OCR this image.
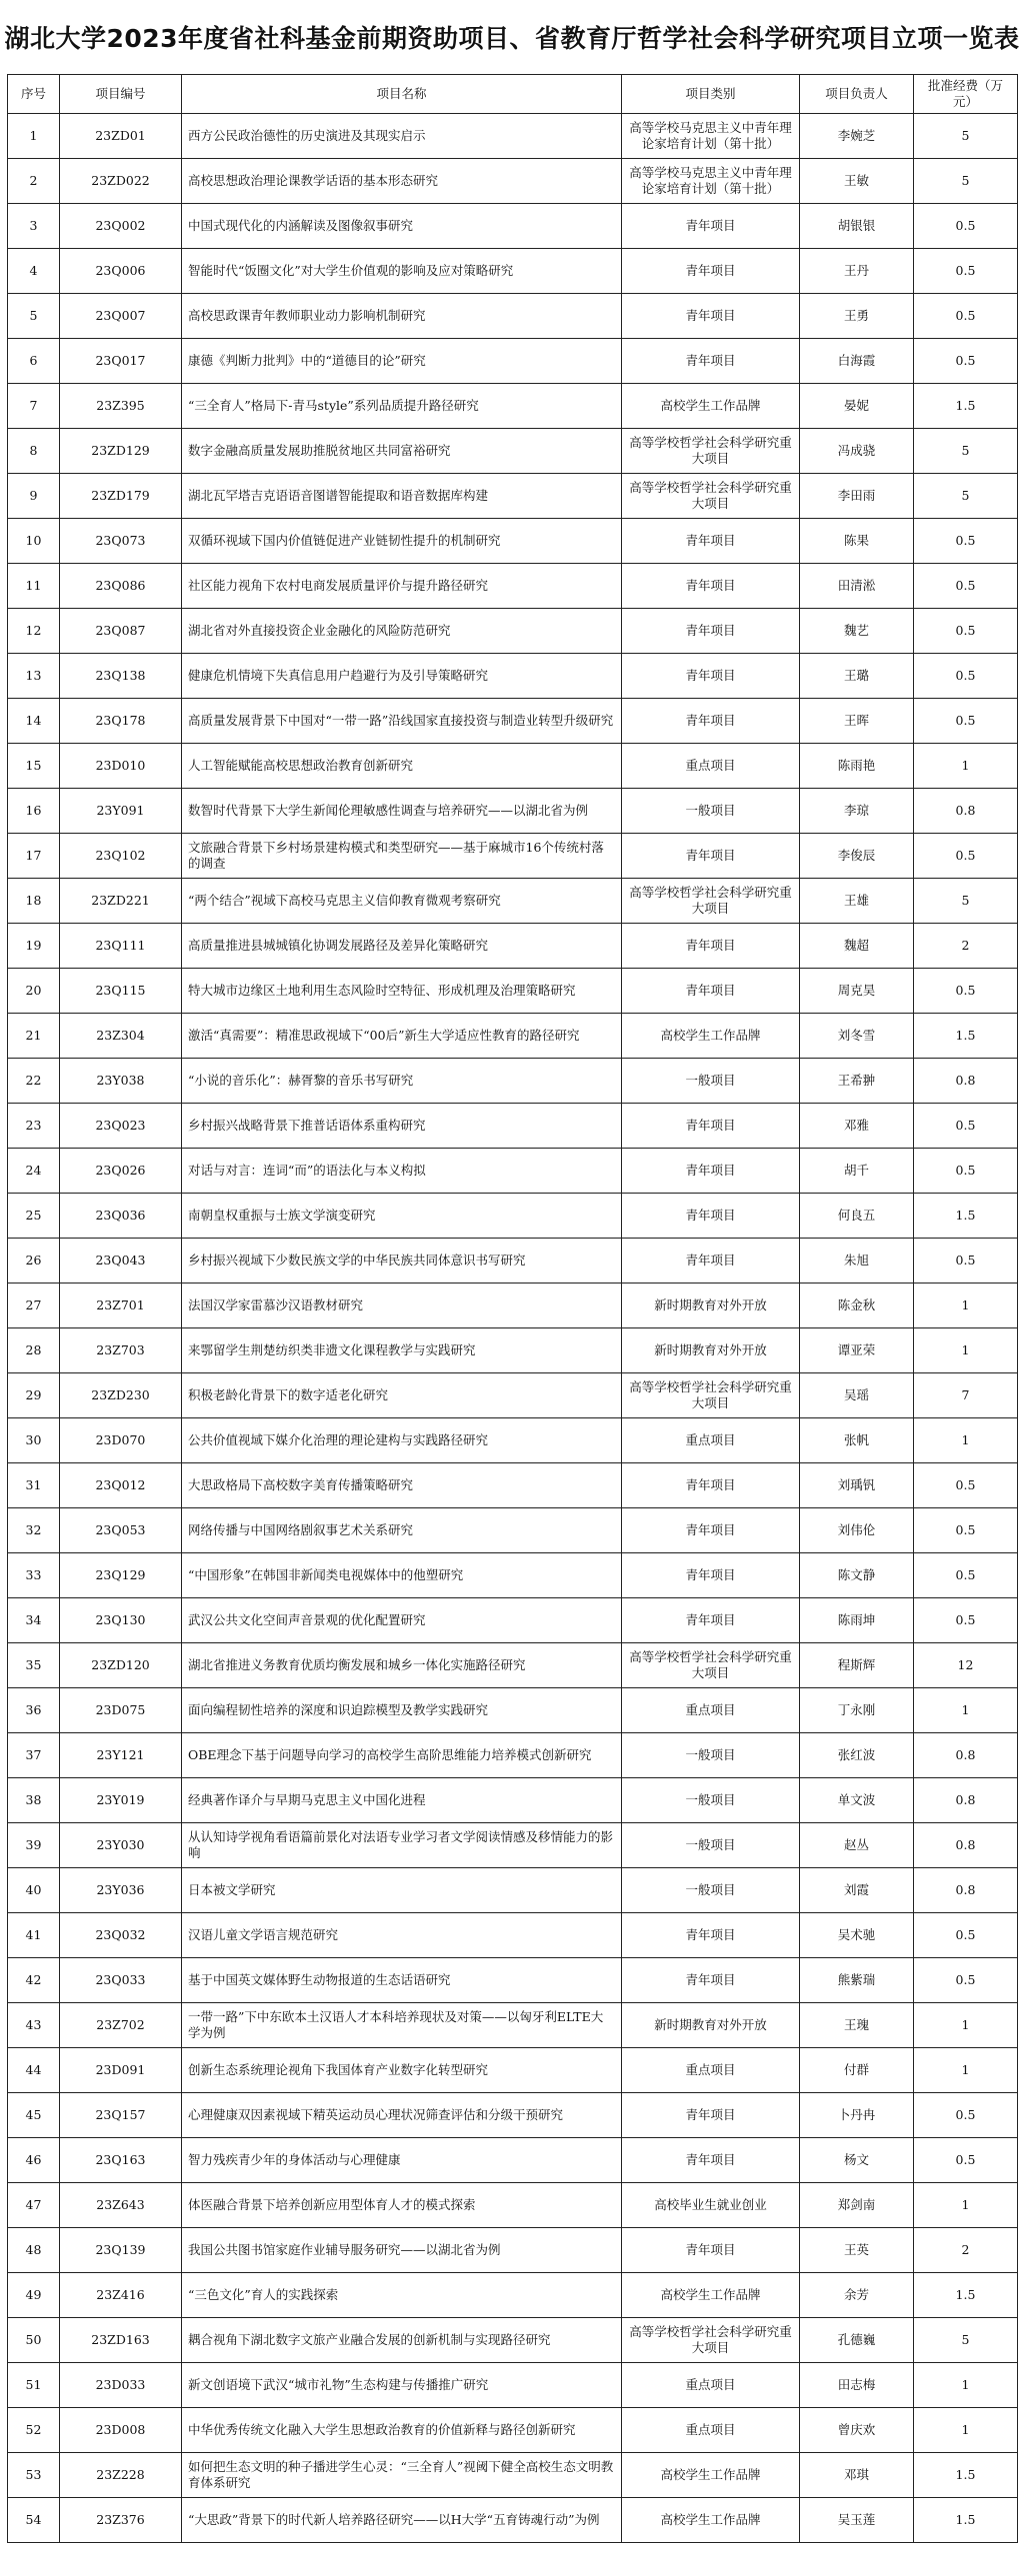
湖北大学2023年度省社科基金前期资助项目、省教育厅哲学社会科学研究项目立项一览表
序号	项目编号	项目名称	项目类别	项目负责人	批准经费（万元）
1	23ZD01	西方公民政治德性的历史演进及其现实启示	高等学校马克思主义中青年理论家培育计划（第十批）	李婉芝	5
2	23ZD022	高校思想政治理论课教学话语的基本形态研究	高等学校马克思主义中青年理论家培育计划（第十批）	王敏	5
3	23Q002	中国式现代化的内涵解读及图像叙事研究	青年项目	胡银银	0.5
4	23Q006	智能时代“饭圈文化”对大学生价值观的影响及应对策略研究	青年项目	王丹	0.5
5	23Q007	高校思政课青年教师职业动力影响机制研究	青年项目	王勇	0.5
6	23Q017	康德《判断力批判》中的“道德目的论”研究	青年项目	白海霞	0.5
7	23Z395	“三全育人”格局下-青马style”系列品质提升路径研究	高校学生工作品牌	晏妮	1.5
8	23ZD129	数字金融高质量发展助推脱贫地区共同富裕研究	高等学校哲学社会科学研究重大项目	冯成骁	5
9	23ZD179	湖北瓦罕塔吉克语语音图谱智能提取和语音数据库构建	高等学校哲学社会科学研究重大项目	李田雨	5
10	23Q073	双循环视域下国内价值链促进产业链韧性提升的机制研究	青年项目	陈果	0.5
11	23Q086	社区能力视角下农村电商发展质量评价与提升路径研究	青年项目	田清淞	0.5
12	23Q087	湖北省对外直接投资企业金融化的风险防范研究	青年项目	魏艺	0.5
13	23Q138	健康危机情境下失真信息用户趋避行为及引导策略研究	青年项目	王璐	0.5
14	23Q178	高质量发展背景下中国对“一带一路”沿线国家直接投资与制造业转型升级研究	青年项目	王晖	0.5
15	23D010	人工智能赋能高校思想政治教育创新研究	重点项目	陈雨艳	1
16	23Y091	数智时代背景下大学生新闻伦理敏感性调查与培养研究——以湖北省为例	一般项目	李琼	0.8
17	23Q102	文旅融合背景下乡村场景建构模式和类型研究——基于麻城市16个传统村落的调查	青年项目	李俊辰	0.5
18	23ZD221	“两个结合”视域下高校马克思主义信仰教育微观考察研究	高等学校哲学社会科学研究重大项目	王雄	5
19	23Q111	高质量推进县城城镇化协调发展路径及差异化策略研究	青年项目	魏超	2
20	23Q115	特大城市边缘区土地利用生态风险时空特征、形成机理及治理策略研究	青年项目	周克昊	0.5
21	23Z304	激活“真需要”：精准思政视域下“00后”新生大学适应性教育的路径研究	高校学生工作品牌	刘冬雪	1.5
22	23Y038	“小说的音乐化”：赫胥黎的音乐书写研究	一般项目	王希翀	0.8
23	23Q023	乡村振兴战略背景下推普话语体系重构研究	青年项目	邓雅	0.5
24	23Q026	对话与对言：连词“而”的语法化与本义构拟	青年项目	胡千	0.5
25	23Q036	南朝皇权重振与士族文学演变研究	青年项目	何良五	1.5
26	23Q043	乡村振兴视域下少数民族文学的中华民族共同体意识书写研究	青年项目	朱旭	0.5
27	23Z701	法国汉学家雷慕沙汉语教材研究	新时期教育对外开放	陈金秋	1
28	23Z703	来鄂留学生荆楚纺织类非遗文化课程教学与实践研究	新时期教育对外开放	谭亚荣	1
29	23ZD230	积极老龄化背景下的数字适老化研究	高等学校哲学社会科学研究重大项目	吴瑶	7
30	23D070	公共价值视域下媒介化治理的理论建构与实践路径研究	重点项目	张帆	1
31	23Q012	大思政格局下高校数字美育传播策略研究	青年项目	刘瑀钒	0.5
32	23Q053	网络传播与中国网络剧叙事艺术关系研究	青年项目	刘伟伦	0.5
33	23Q129	“中国形象”在韩国非新闻类电视媒体中的他塑研究	青年项目	陈文静	0.5
34	23Q130	武汉公共文化空间声音景观的优化配置研究	青年项目	陈雨坤	0.5
35	23ZD120	湖北省推进义务教育优质均衡发展和城乡一体化实施路径研究	高等学校哲学社会科学研究重大项目	程斯辉	12
36	23D075	面向编程韧性培养的深度和识迫踪模型及教学实践研究	重点项目	丁永刚	1
37	23Y121	OBE理念下基于问题导向学习的高校学生高阶思维能力培养模式创新研究	一般项目	张红波	0.8
38	23Y019	经典著作译介与早期马克思主义中国化进程	一般项目	单文波	0.8
39	23Y030	从认知诗学视角看语篇前景化对法语专业学习者文学阅读情感及移情能力的影响	一般项目	赵丛	0.8
40	23Y036	日本被文学研究	一般项目	刘霞	0.8
41	23Q032	汉语儿童文学语言规范研究	青年项目	吴术驰	0.5
42	23Q033	基于中国英文媒体野生动物报道的生态话语研究	青年项目	熊紫瑞	0.5
43	23Z702	一带一路”下中东欧本土汉语人才本科培养现状及对策——以匈牙利ELTE大学为例	新时期教育对外开放	王瑰	1
44	23D091	创新生态系统理论视角下我国体育产业数字化转型研究	重点项目	付群	1
45	23Q157	心理健康双因素视域下精英运动员心理状况筛查评估和分级干预研究	青年项目	卜丹冉	0.5
46	23Q163	智力残疾青少年的身体活动与心理健康	青年项目	杨文	0.5
47	23Z643	体医融合背景下培养创新应用型体育人才的模式探索	高校毕业生就业创业	郑剑南	1
48	23Q139	我国公共图书馆家庭作业辅导服务研究——以湖北省为例	青年项目	王英	2
49	23Z416	“三色文化”育人的实践探索	高校学生工作品牌	余芳	1.5
50	23ZD163	耦合视角下湖北数字文旅产业融合发展的创新机制与实现路径研究	高等学校哲学社会科学研究重大项目	孔德巍	5
51	23D033	新文创语境下武汉“城市礼物”生态构建与传播推广研究	重点项目	田志梅	1
52	23D008	中华优秀传统文化融入大学生思想政治教育的价值新释与路径创新研究	重点项目	曾庆欢	1
53	23Z228	如何把生态文明的种子播进学生心灵：“三全育人”视阈下健全高校生态文明教育体系研究	高校学生工作品牌	邓琪	1.5
54	23Z376	“大思政”背景下的时代新人培养路径研究——以H大学“五育铸魂行动”为例	高校学生工作品牌	吴玉莲	1.5
